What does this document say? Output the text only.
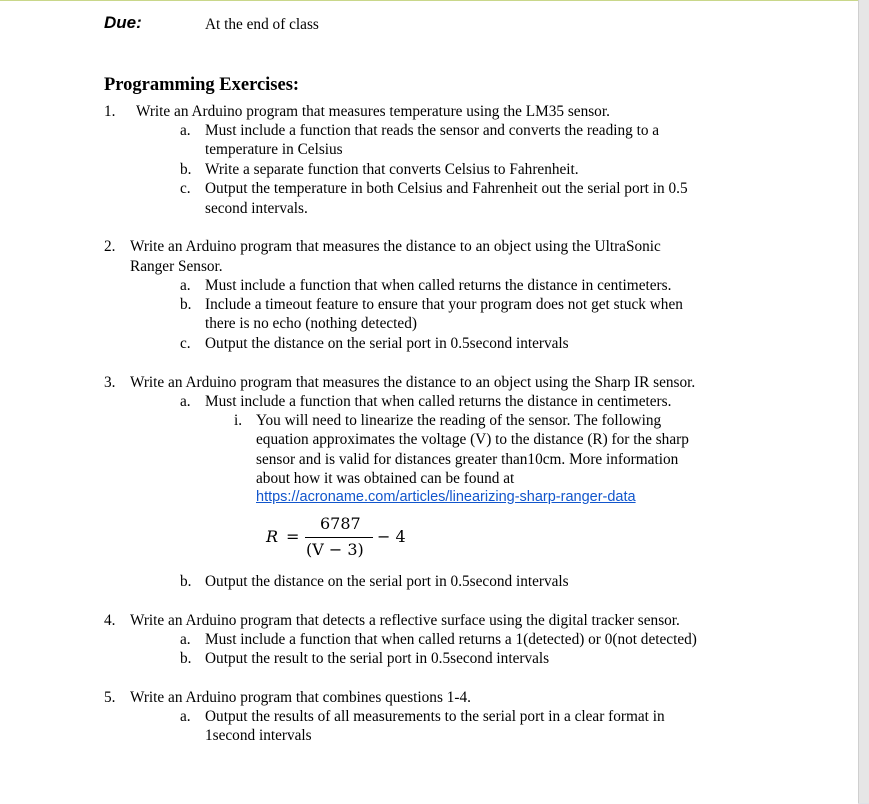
Due:	At the end of class
Programming Exercises:
1. Write an Arduino program that measures temperature using the LM35 sensor.
a. Must include a function that reads the sensor and converts the reading to a
temperature in Celsius
b. Write a separate function that converts Celsius to Fahrenheit.
c. Output the temperature in both Celsius and Fahrenheit out the serial port in 0.5
second intervals.
2. Write an Arduino program that measures the distance to an object using the UltraSonic
Ranger Sensor.
a. Must include a function that when called returns the distance in centimeters.
b. Include a timeout feature to ensure that your program does not get stuck when
there is no echo (nothing detected)
c. Output the distance on the serial port in 0.5second intervals
3. Write an Arduino program that measures the distance to an object using the Sharp IR sensor.
a. Must include a function that when called returns the distance in centimeters.
i. You will need to linearize the reading of the sensor. The following
equation approximates the voltage (V) to the distance (R) for the sharp
sensor and is valid for distances greater than10cm. More information
about how it was obtained can be found at
https://acroname.com/articles/linearizing-sharp-ranger-data
R =
6787
(V − 3)
− 4
b. Output the distance on the serial port in 0.5second intervals
4. Write an Arduino program that detects a reflective surface using the digital tracker sensor.
a. Must include a function that when called returns a 1(detected) or 0(not detected)
b. Output the result to the serial port in 0.5second intervals
5. Write an Arduino program that combines questions 1-4.
a. Output the results of all measurements to the serial port in a clear format in
1second intervals
